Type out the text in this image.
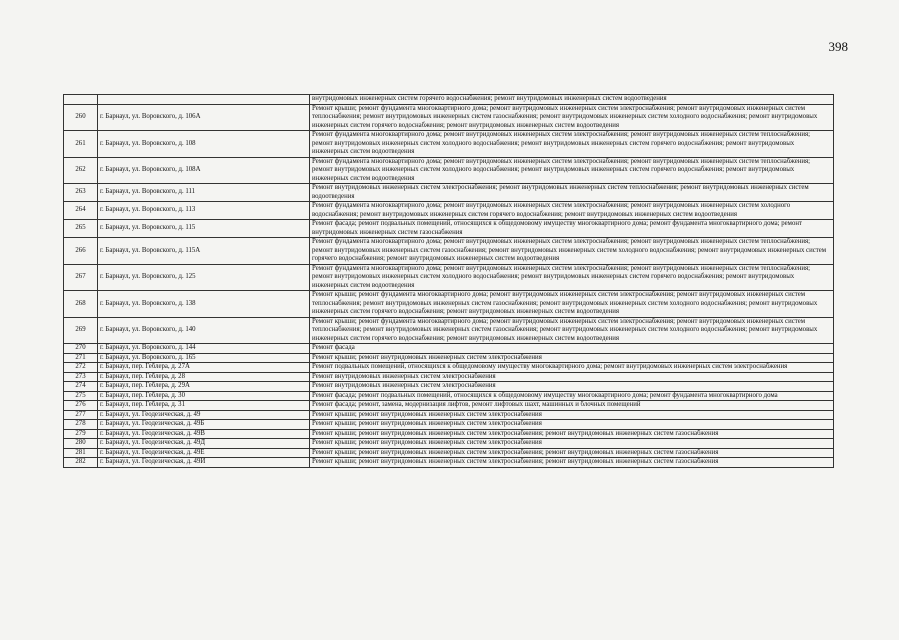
398
		внутридомовых инженерных систем горячего водоснабжения; ремонт внутридомовых инженерных систем водоотведения
260	г. Барнаул, ул. Воровского, д. 106А	Ремонт крыши; ремонт фундамента многоквартирного дома; ремонт внутридомовых инженерных систем электроснабжения; ремонт внутридомовых инженерных систем теплоснабжения; ремонт внутридомовых инженерных систем газоснабжения; ремонт внутридомовых инженерных систем холодного водоснабжения; ремонт внутридомовых инженерных систем горячего водоснабжения; ремонт внутридомовых инженерных систем водоотведения
261	г. Барнаул, ул. Воровского, д. 108	Ремонт фундамента многоквартирного дома; ремонт внутридомовых инженерных систем электроснабжения; ремонт внутридомовых инженерных систем теплоснабжения; ремонт внутридомовых инженерных систем холодного водоснабжения; ремонт внутридомовых инженерных систем горячего водоснабжения; ремонт внутридомовых инженерных систем водоотведения
262	г. Барнаул, ул. Воровского, д. 108А	Ремонт фундамента многоквартирного дома; ремонт внутридомовых инженерных систем электроснабжения; ремонт внутридомовых инженерных систем теплоснабжения; ремонт внутридомовых инженерных систем холодного водоснабжения; ремонт внутридомовых инженерных систем горячего водоснабжения; ремонт внутридомовых инженерных систем водоотведения
263	г. Барнаул, ул. Воровского, д. 111	Ремонт внутридомовых инженерных систем электроснабжения; ремонт внутридомовых инженерных систем теплоснабжения; ремонт внутридомовых инженерных систем водоотведения
264	г. Барнаул, ул. Воровского, д. 113	Ремонт фундамента многоквартирного дома; ремонт внутридомовых инженерных систем электроснабжения; ремонт внутридомовых инженерных систем холодного водоснабжения; ремонт внутридомовых инженерных систем горячего водоснабжения; ремонт внутридомовых инженерных систем водоотведения
265	г. Барнаул, ул. Воровского, д. 115	Ремонт фасада; ремонт подвальных помещений, относящихся к общедомовому имуществу многоквартирного дома; ремонт фундамента многоквартирного дома; ремонт внутридомовых инженерных систем газоснабжения
266	г. Барнаул, ул. Воровского, д. 115А	Ремонт фундамента многоквартирного дома; ремонт внутридомовых инженерных систем электроснабжения; ремонт внутридомовых инженерных систем теплоснабжения; ремонт внутридомовых инженерных систем газоснабжения; ремонт внутридомовых инженерных систем холодного водоснабжения; ремонт внутридомовых инженерных систем горячего водоснабжения; ремонт внутридомовых инженерных систем водоотведения
267	г. Барнаул, ул. Воровского, д. 125	Ремонт фундамента многоквартирного дома; ремонт внутридомовых инженерных систем электроснабжения; ремонт внутридомовых инженерных систем теплоснабжения; ремонт внутридомовых инженерных систем холодного водоснабжения; ремонт внутридомовых инженерных систем горячего водоснабжения; ремонт внутридомовых инженерных систем водоотведения
268	г. Барнаул, ул. Воровского, д. 138	Ремонт крыши; ремонт фундамента многоквартирного дома; ремонт внутридомовых инженерных систем электроснабжения; ремонт внутридомовых инженерных систем теплоснабжения; ремонт внутридомовых инженерных систем газоснабжения; ремонт внутридомовых инженерных систем холодного водоснабжения; ремонт внутридомовых инженерных систем горячего водоснабжения; ремонт внутридомовых инженерных систем водоотведения
269	г. Барнаул, ул. Воровского, д. 140	Ремонт крыши; ремонт фундамента многоквартирного дома; ремонт внутридомовых инженерных систем электроснабжения; ремонт внутридомовых инженерных систем теплоснабжения; ремонт внутридомовых инженерных систем газоснабжения; ремонт внутридомовых инженерных систем холодного водоснабжения; ремонт внутридомовых инженерных систем горячего водоснабжения; ремонт внутридомовых инженерных систем водоотведения
270	г. Барнаул, ул. Воровского, д. 144	Ремонт фасада
271	г. Барнаул, ул. Воровского, д. 165	Ремонт крыши; ремонт внутридомовых инженерных систем электроснабжения
272	г. Барнаул, пер. Геблера, д. 27А	Ремонт подвальных помещений, относящихся к общедомовому имуществу многоквартирного дома; ремонт внутридомовых инженерных систем электроснабжения
273	г. Барнаул, пер. Геблера, д. 28	Ремонт внутридомовых инженерных систем электроснабжения
274	г. Барнаул, пер. Геблера, д. 29А	Ремонт внутридомовых инженерных систем электроснабжения
275	г. Барнаул, пер. Геблера, д. 30	Ремонт фасада; ремонт подвальных помещений, относящихся к общедомовому имуществу многоквартирного дома; ремонт фундамента многоквартирного дома
276	г. Барнаул, пер. Геблера, д. 31	Ремонт фасада; ремонт, замена, модернизация лифтов, ремонт лифтовых шахт, машинных и блочных помещений
277	г. Барнаул, ул. Геодезическая, д. 49	Ремонт крыши; ремонт внутридомовых инженерных систем электроснабжения
278	г. Барнаул, ул. Геодезическая, д. 49Б	Ремонт крыши; ремонт внутридомовых инженерных систем электроснабжения
279	г. Барнаул, ул. Геодезическая, д. 49В	Ремонт крыши; ремонт внутридомовых инженерных систем электроснабжения; ремонт внутридомовых инженерных систем газоснабжения
280	г. Барнаул, ул. Геодезическая, д. 49Д	Ремонт крыши; ремонт внутридомовых инженерных систем электроснабжения
281	г. Барнаул, ул. Геодезическая, д. 49Е	Ремонт крыши; ремонт внутридомовых инженерных систем электроснабжения; ремонт внутридомовых инженерных систем газоснабжения
282	г. Барнаул, ул. Геодезическая, д. 49И	Ремонт крыши; ремонт внутридомовых инженерных систем электроснабжения; ремонт внутридомовых инженерных систем газоснабжения
